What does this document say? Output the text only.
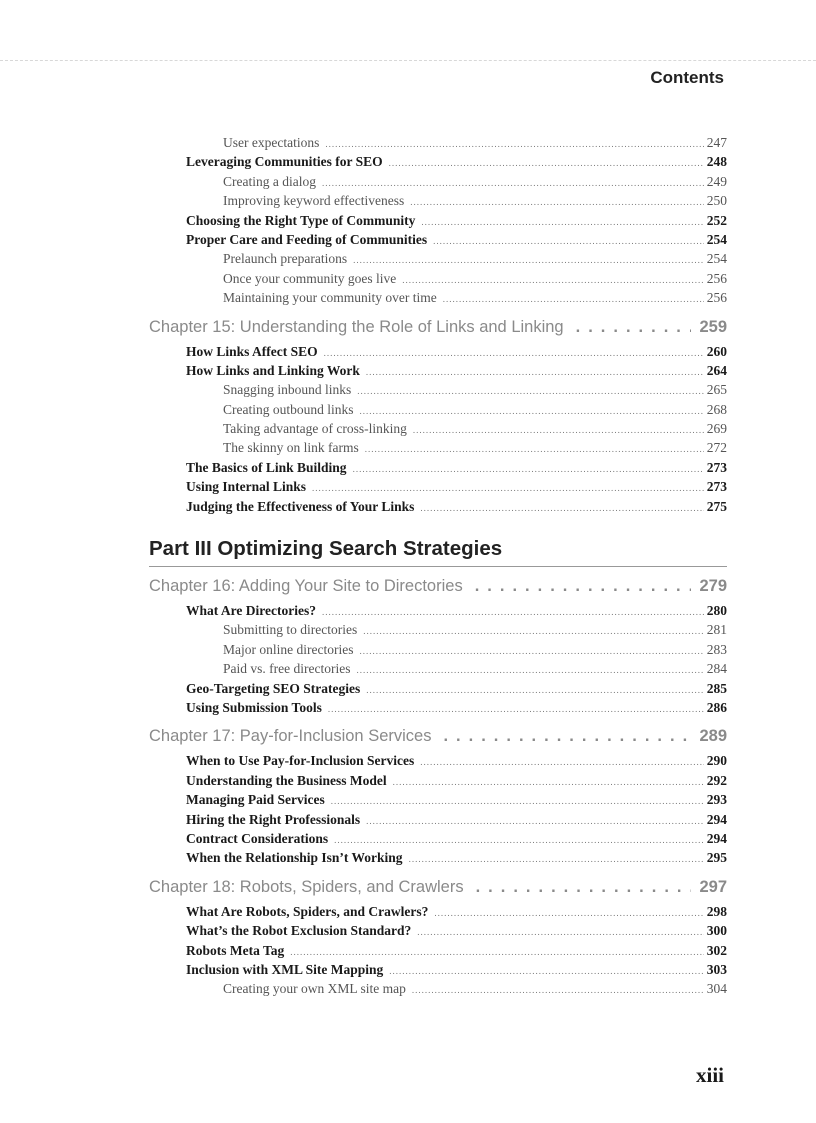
Contents
User expectations .....	247
Leveraging Communities for SEO .....	248
Creating a dialog .....	249
Improving keyword effectiveness .....	250
Choosing the Right Type of Community .....	252
Proper Care and Feeding of Communities .....	254
Prelaunch preparations .....	254
Once your community goes live .....	256
Maintaining your community over time .....	256
Chapter 15: Understanding the Role of Links and Linking .....	259
How Links Affect SEO .....	260
How Links and Linking Work .....	264
Snagging inbound links .....	265
Creating outbound links .....	268
Taking advantage of cross-linking .....	269
The skinny on link farms .....	272
The Basics of Link Building .....	273
Using Internal Links .....	273
Judging the Effectiveness of Your Links .....	275
Part III Optimizing Search Strategies
Chapter 16: Adding Your Site to Directories .....	279
What Are Directories? .....	280
Submitting to directories .....	281
Major online directories .....	283
Paid vs. free directories .....	284
Geo-Targeting SEO Strategies .....	285
Using Submission Tools .....	286
Chapter 17: Pay-for-Inclusion Services .....	289
When to Use Pay-for-Inclusion Services .....	290
Understanding the Business Model .....	292
Managing Paid Services .....	293
Hiring the Right Professionals .....	294
Contract Considerations .....	294
When the Relationship Isn’t Working .....	295
Chapter 18: Robots, Spiders, and Crawlers .....	297
What Are Robots, Spiders, and Crawlers? .....	298
What’s the Robot Exclusion Standard? .....	300
Robots Meta Tag .....	302
Inclusion with XML Site Mapping .....	303
Creating your own XML site map .....	304
xiii
